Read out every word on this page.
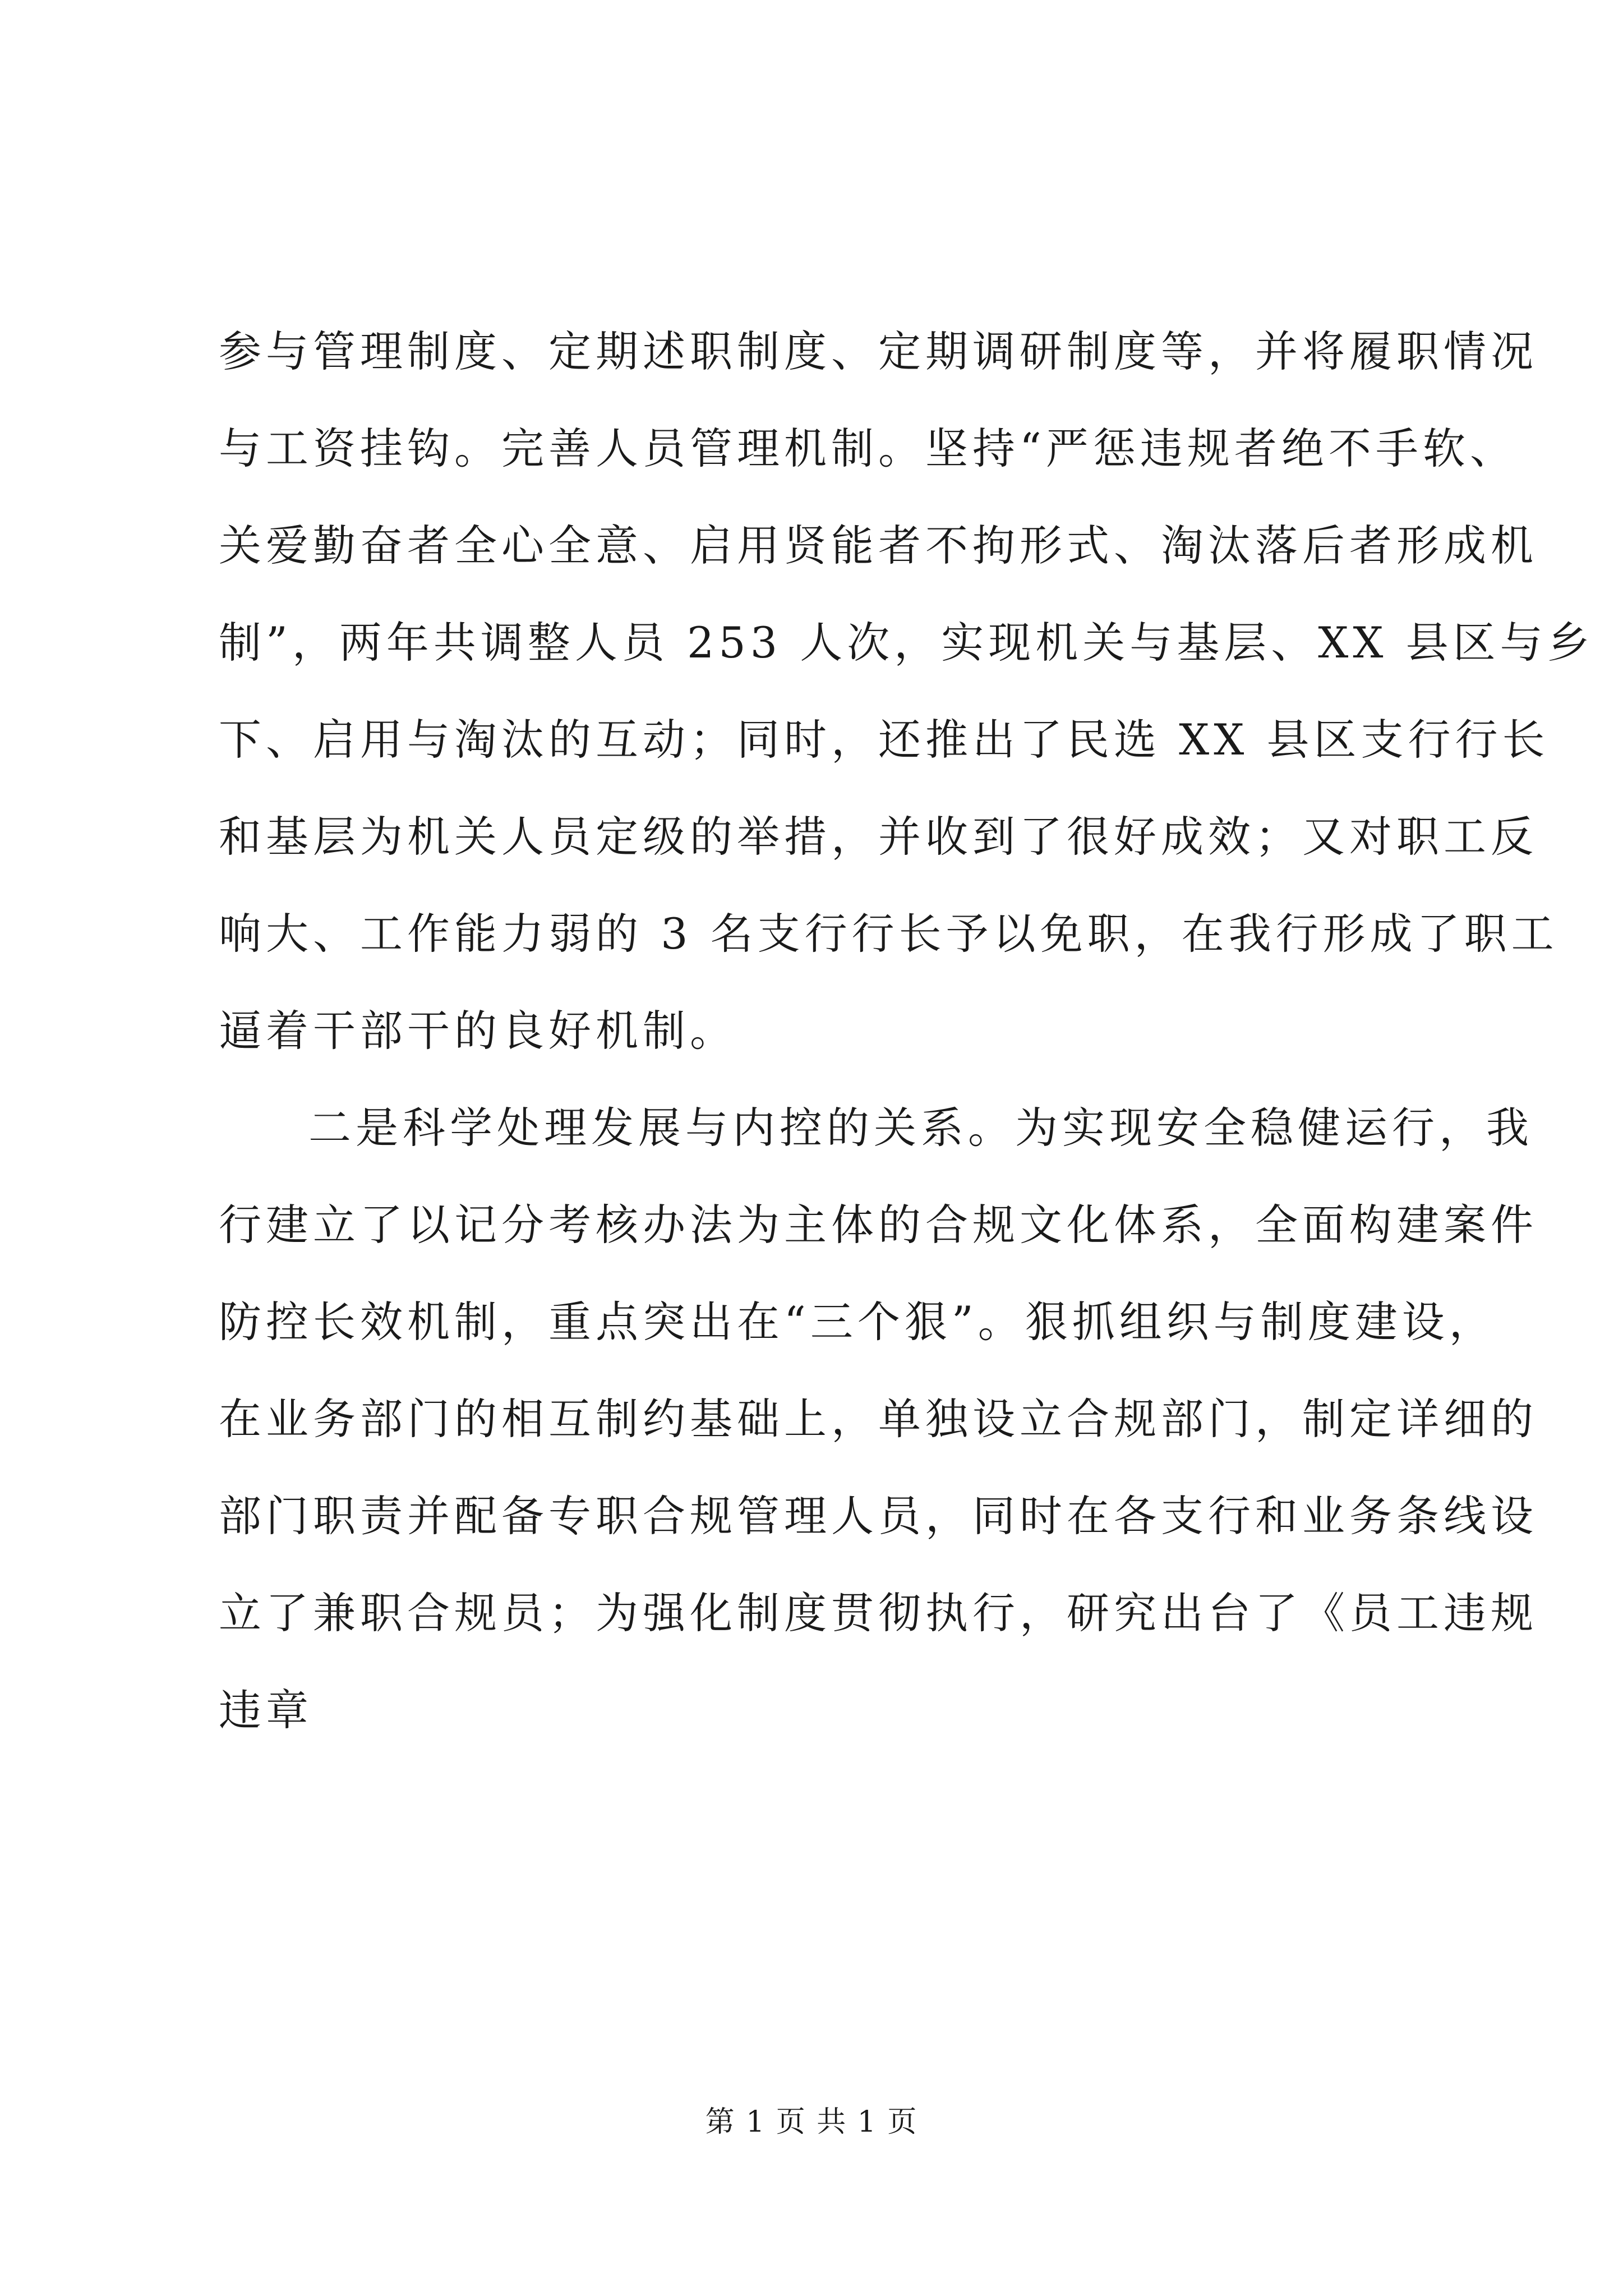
参与管理制度、定期述职制度、定期调研制度等，并将履职情况
与工资挂钩。完善人员管理机制。坚持“严惩违规者绝不手软、
关爱勤奋者全心全意、启用贤能者不拘形式、淘汰落后者形成机
制”，两年共调整人员 253 人次，实现机关与基层、XX 县区与乡
下、启用与淘汰的互动；同时，还推出了民选 XX 县区支行行长
和基层为机关人员定级的举措，并收到了很好成效；又对职工反
响大、工作能力弱的 3 名支行行长予以免职，在我行形成了职工
逼着干部干的良好机制。
二是科学处理发展与内控的关系。为实现安全稳健运行，我
行建立了以记分考核办法为主体的合规文化体系，全面构建案件
防控长效机制，重点突出在“三个狠”。狠抓组织与制度建设，
在业务部门的相互制约基础上，单独设立合规部门，制定详细的
部门职责并配备专职合规管理人员，同时在各支行和业务条线设
立了兼职合规员；为强化制度贯彻执行，研究出台了《员工违规
违章
第 1 页 共 1 页
